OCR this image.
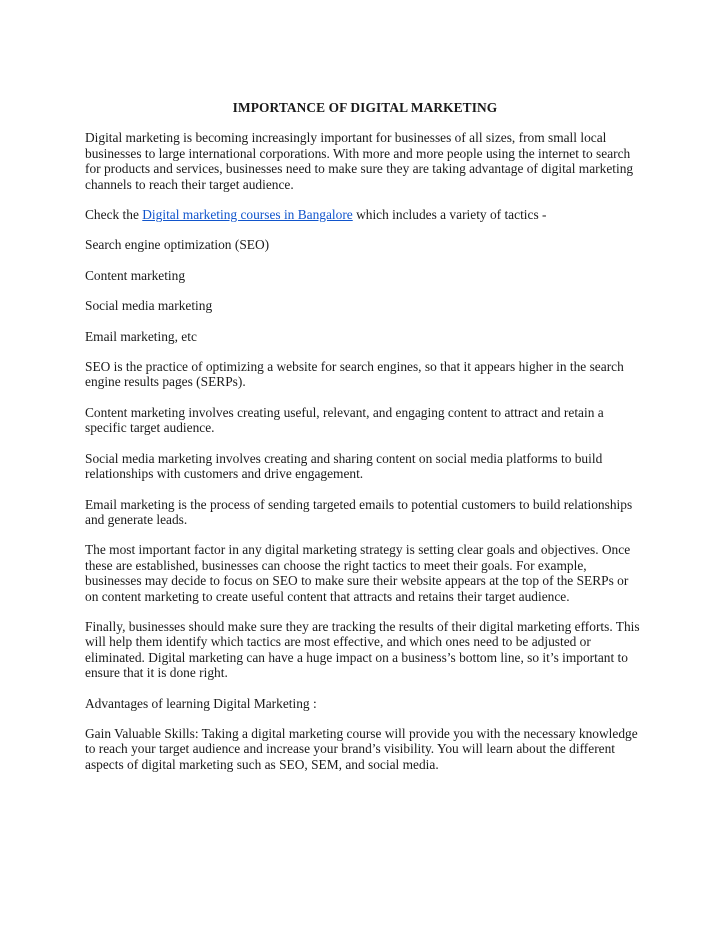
IMPORTANCE OF DIGITAL MARKETING

Digital marketing is becoming increasingly important for businesses of all sizes, from small local businesses to large international corporations. With more and more people using the internet to search for products and services, businesses need to make sure they are taking advantage of digital marketing channels to reach their target audience.

Check the Digital marketing courses in Bangalore which includes a variety of tactics -

Search engine optimization (SEO)

Content marketing

Social media marketing

Email marketing, etc

SEO is the practice of optimizing a website for search engines, so that it appears higher in the search engine results pages (SERPs).

Content marketing involves creating useful, relevant, and engaging content to attract and retain a specific target audience.

Social media marketing involves creating and sharing content on social media platforms to build relationships with customers and drive engagement.

Email marketing is the process of sending targeted emails to potential customers to build relationships and generate leads.

The most important factor in any digital marketing strategy is setting clear goals and objectives. Once these are established, businesses can choose the right tactics to meet their goals. For example, businesses may decide to focus on SEO to make sure their website appears at the top of the SERPs or on content marketing to create useful content that attracts and retains their target audience.

Finally, businesses should make sure they are tracking the results of their digital marketing efforts. This will help them identify which tactics are most effective, and which ones need to be adjusted or eliminated. Digital marketing can have a huge impact on a business’s bottom line, so it’s important to ensure that it is done right.

Advantages of learning Digital Marketing :

Gain Valuable Skills: Taking a digital marketing course will provide you with the necessary knowledge to reach your target audience and increase your brand’s visibility. You will learn about the different aspects of digital marketing such as SEO, SEM, and social media.
